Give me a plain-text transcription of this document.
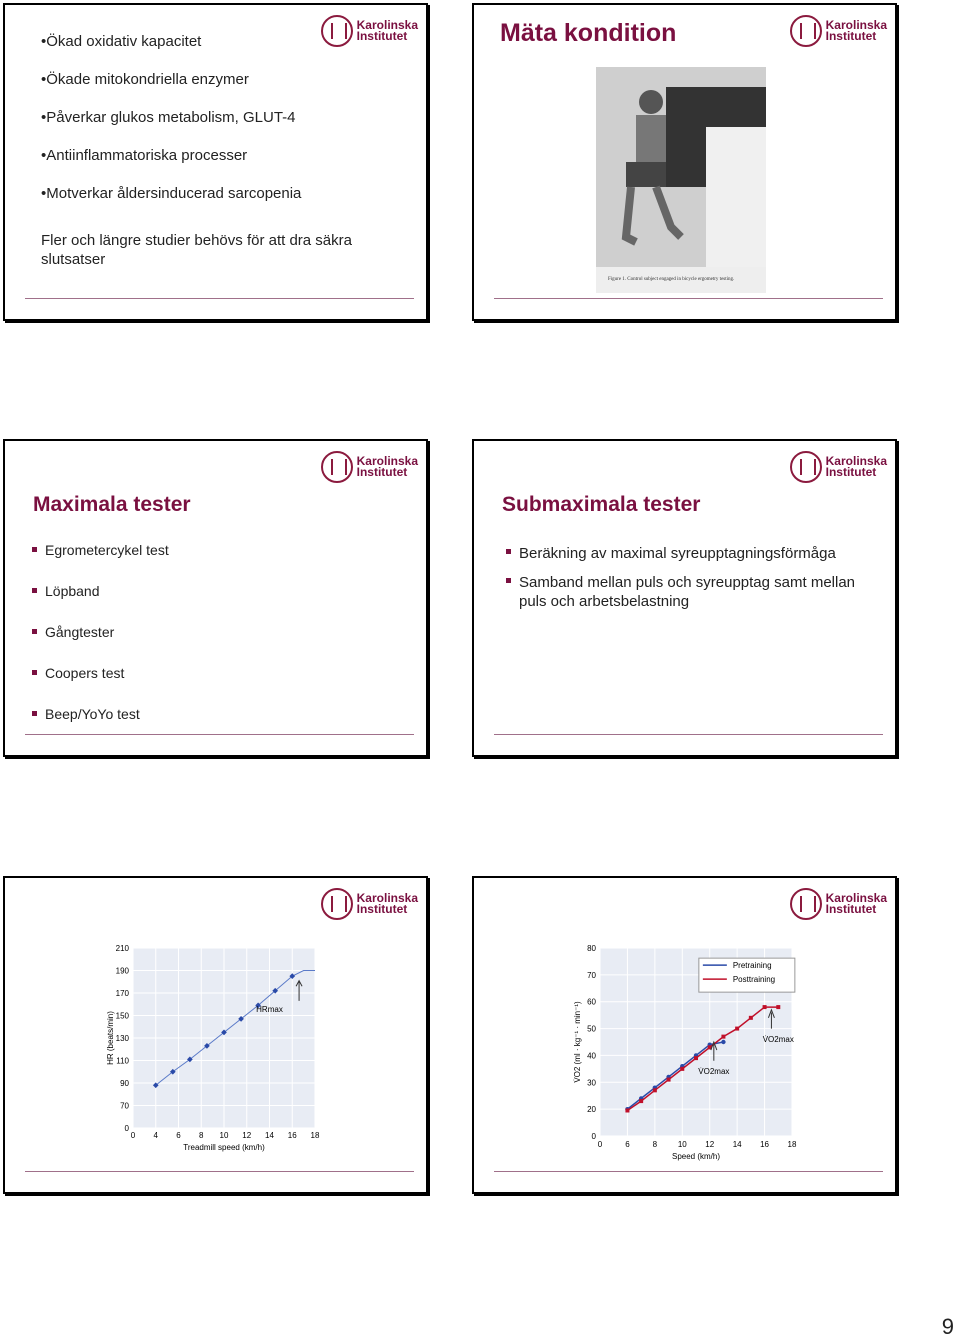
Karolinska
Institutet
• Ökad oxidativ kapacitet
• Ökade mitokondriella enzymer
• Påverkar glukos metabolism, GLUT-4
• Antiinflammatoriska processer
• Motverkar åldersinducerad sarcopenia
Fler och längre studier behövs för att dra säkra slutsatser
Karolinska
Institutet
Mäta kondition
Figure 1. Control subject engaged in bicycle ergometry testing.
Karolinska
Institutet
Maximala tester
Egrometercykel test
Löpband
Gångtester
Coopers test
Beep/YoYo test
Karolinska
Institutet
Submaximala tester
Beräkning av maximal syreupptagningsförmåga
Samband mellan puls och syreupptag samt mellan puls och arbetsbelastning
Karolinska
Institutet
0 4 6 8 10 12 14 16 18
0
70
90
110
130
150
170
190
210
Treadmill speed (km/h)
HR (beats/min)
HRmax
Karolinska
Institutet
0	6	8	10 12 14 16 18
0
20
30
40
50
60
70
80
Speed (km/h)
V̇O2 (ml · kg⁻¹ · min⁻¹)
Pretraining
Posttraining
V̇O2max
V̇O2max
9
